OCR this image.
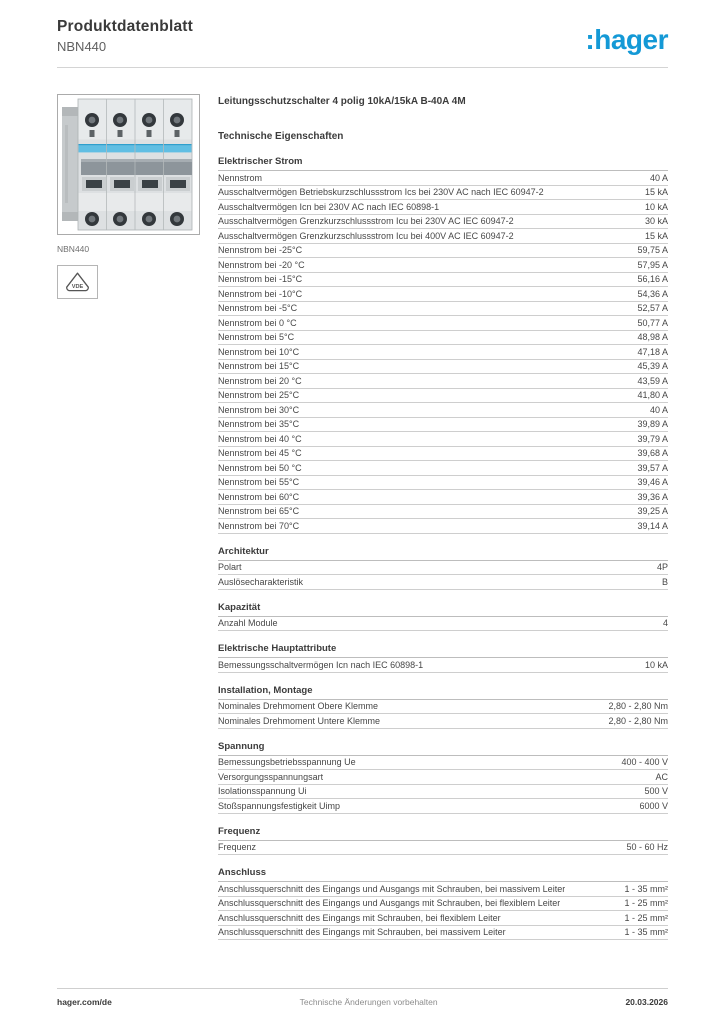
Produktdatenblatt
NBN440	:hager
NBN440
VDE
Leitungsschutzschalter 4 polig 10kA/15kA B-40A 4M
Technische Eigenschaften
Elektrischer Strom
Nennstrom	40 A
Ausschaltvermögen Betriebskurzschlussstrom Ics bei 230V AC nach IEC 60947-2	15 kA
Ausschaltvermögen Icn bei 230V AC nach IEC 60898-1	10 kA
Ausschaltvermögen Grenzkurzschlussstrom Icu bei 230V AC IEC 60947-2	30 kA
Ausschaltvermögen Grenzkurzschlussstrom Icu bei 400V AC IEC 60947-2	15 kA
Nennstrom bei -25°C	59,75 A
Nennstrom bei -20 °C	57,95 A
Nennstrom bei -15°C	56,16 A
Nennstrom bei -10°C	54,36 A
Nennstrom bei -5°C	52,57 A
Nennstrom bei 0 °C	50,77 A
Nennstrom bei 5°C	48,98 A
Nennstrom bei 10°C	47,18 A
Nennstrom bei 15°C	45,39 A
Nennstrom bei 20 °C	43,59 A
Nennstrom bei 25°C	41,80 A
Nennstrom bei 30°C	40 A
Nennstrom bei 35°C	39,89 A
Nennstrom bei 40 °C	39,79 A
Nennstrom bei 45 °C	39,68 A
Nennstrom bei 50 °C	39,57 A
Nennstrom bei 55°C	39,46 A
Nennstrom bei 60°C	39,36 A
Nennstrom bei 65°C	39,25 A
Nennstrom bei 70°C	39,14 A
Architektur
Polart	4P
Auslösecharakteristik	B
Kapazität
Anzahl Module	4
Elektrische Hauptattribute
Bemessungsschaltvermögen Icn nach IEC 60898-1	10 kA
Installation, Montage
Nominales Drehmoment Obere Klemme	2,80 - 2,80 Nm
Nominales Drehmoment Untere Klemme	2,80 - 2,80 Nm
Spannung
Bemessungsbetriebsspannung Ue	400 - 400 V
Versorgungsspannungsart	AC
Isolationsspannung Ui	500 V
Stoßspannungsfestigkeit Uimp	6000 V
Frequenz
Frequenz	50 - 60 Hz
Anschluss
Anschlussquerschnitt des Eingangs und Ausgangs mit Schrauben, bei massivem Leiter	1 - 35 mm²
Anschlussquerschnitt des Eingangs und Ausgangs mit Schrauben, bei flexiblem Leiter	1 - 25 mm²
Anschlussquerschnitt des Eingangs mit Schrauben, bei flexiblem Leiter	1 - 25 mm²
Anschlussquerschnitt des Eingangs mit Schrauben, bei massivem Leiter	1 - 35 mm²
hager.com/de	Technische Änderungen vorbehalten	20.03.2026
